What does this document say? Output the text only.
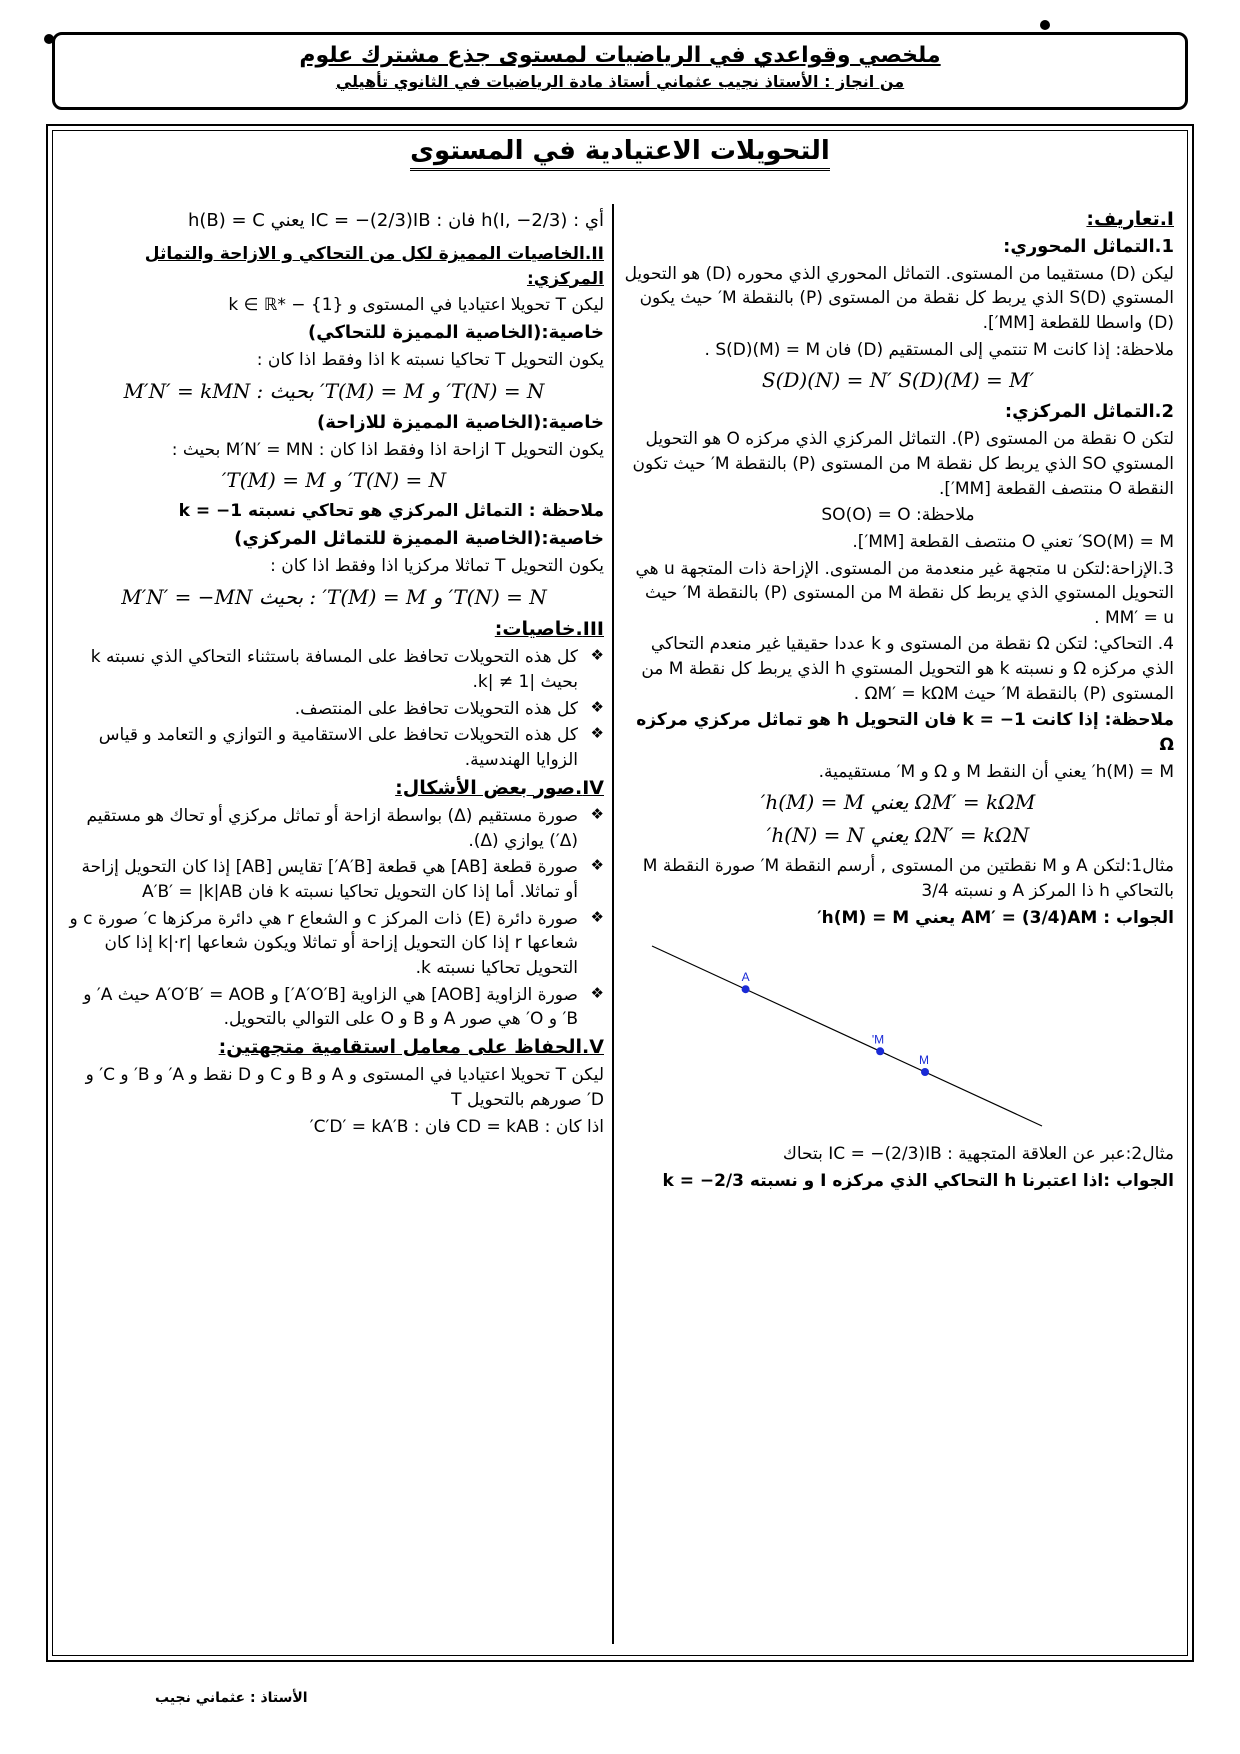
ملخصي وقواعدي في الرياضيات لمستوى جذع مشترك علوم
من انجاز : الأستاذ نجيب عثماني أستاذ مادة الرياضيات في الثانوي تأهيلي
التحويلات الاعتيادية في المستوى
I.تعاريف:
1.التماثل المحوري:

ليكن (D) مستقيما من المستوى. التماثل المحوري الذي محوره (D) هو التحويل المستوي S(D) الذي يربط كل نقطة من المستوى (P) بالنقطة M′ حيث يكون (D) واسطا للقطعة [MM′].

ملاحظة: إذا كانت M تنتمي إلى المستقيم (D) فان S(D)(M) = M .

S(D)(N) = N′ S(D)(M) = M′
2.التماثل المركزي:

لتكن O نقطة من المستوى (P). التماثل المركزي الذي مركزه O هو التحويل المستوي SO الذي يربط كل نقطة M من المستوى (P) بالنقطة M′ حيث تكون النقطة O منتصف القطعة [MM′].

ملاحظة: SO(O) = O

SO(M) = M′ تعني O منتصف القطعة [MM′].

3.الإزاحة:لتكن u متجهة غير منعدمة من المستوى. الإزاحة ذات المتجهة u هي التحويل المستوي الذي يربط كل نقطة M من المستوى (P) بالنقطة M′ حيث MM′ = u .

4. التحاكي: لتكن Ω نقطة من المستوى و k عددا حقيقيا غير منعدم التحاكي الذي مركزه Ω و نسبته k هو التحويل المستوي h الذي يربط كل نقطة M من المستوى (P) بالنقطة M′ حيث ΩM′ = kΩM .

ملاحظة: إذا كانت k = −1 فان التحويل h هو تماثل مركزي مركزه Ω

h(M) = M′ يعني أن النقط M و Ω و M′ مستقيمية.

ΩM′ = kΩM يعني h(M) = M′
ΩN′ = kΩN يعني h(N) = N′

مثال1:لتكن A و M نقطتين من المستوى , أرسم النقطة M′ صورة النقطة M بالتحاكي h ذا المركز A و نسبته 3/4

الجواب : AM′ = (3/4)AM يعني h(M) = M′

A
M'
M

مثال2:عبر عن العلاقة المتجهية : IC = −(2/3)IB بتحاك

الجواب :اذا اعتبرنا h التحاكي الذي مركزه I و نسبته k = −2/3

أي : h(I, −2/3) فان : IC = −(2/3)IB يعني h(B) = C

II.الخاصيات المميزة لكل من التحاكي و الازاحة والتماثل المركزي:

ليكن T تحويلا اعتياديا في المستوى و k ∈ ℝ* − {1}

خاصية:(الخاصية المميزة للتحاكي)

يكون التحويل T تحاكيا نسبته k اذا وفقط اذا كان :

T(N) = N′ و T(M) = M′ بحيث : M′N′ = kMN
خاصية:(الخاصية المميزة للازاحة)

يكون التحويل T ازاحة اذا وفقط اذا كان : M′N′ = MN بحيث :

T(N) = N′ و T(M) = M′

ملاحظة : التماثل المركزي هو تحاكي نسبته k = −1

خاصية:(الخاصية المميزة للتماثل المركزي)

يكون التحويل T تماثلا مركزيا اذا وفقط اذا كان :

T(N) = N′ و T(M) = M′ : بحيث M′N′ = −MN
III.خاصيات:

❖ كل هذه التحويلات تحافظ على المسافة باستثناء التحاكي الذي نسبته k بحيث |k| ≠ 1.

❖ كل هذه التحويلات تحافظ على المنتصف.

❖ كل هذه التحويلات تحافظ على الاستقامية و التوازي و التعامد و قياس الزوايا الهندسية.

IV.صور بعض الأشكال:

❖ صورة مستقيم (Δ) بواسطة ازاحة أو تماثل مركزي أو تحاك هو مستقيم (Δ′) يوازي (Δ).

❖ صورة قطعة [AB] هي قطعة [A′B′] تقايس [AB] إذا كان التحويل إزاحة أو تماثلا. أما إذا كان التحويل تحاكيا نسبته k فان A′B′ = |k|AB

❖ صورة دائرة (E) ذات المركز c و الشعاع r هي دائرة مركزها c′ صورة c و شعاعها r إذا كان التحويل إزاحة أو تماثلا ويكون شعاعها |k|·r إذا كان التحويل تحاكيا نسبته k.

❖ صورة الزاوية [AOB] هي الزاوية [A′O′B′] و A′O′B′ = AOB حيث A′ و B′ و O′ هي صور A و B و O على التوالي بالتحويل.

V.الحفاظ على معامل استقامية متجهتين:

ليكن T تحويلا اعتياديا في المستوى و A و B و C و D نقط و A′ و B′ و C′ و D′ صورهم بالتحويل T

اذا كان : CD = kAB فان : C′D′ = kA′B′

الأستاذ : عثماني نجيب
